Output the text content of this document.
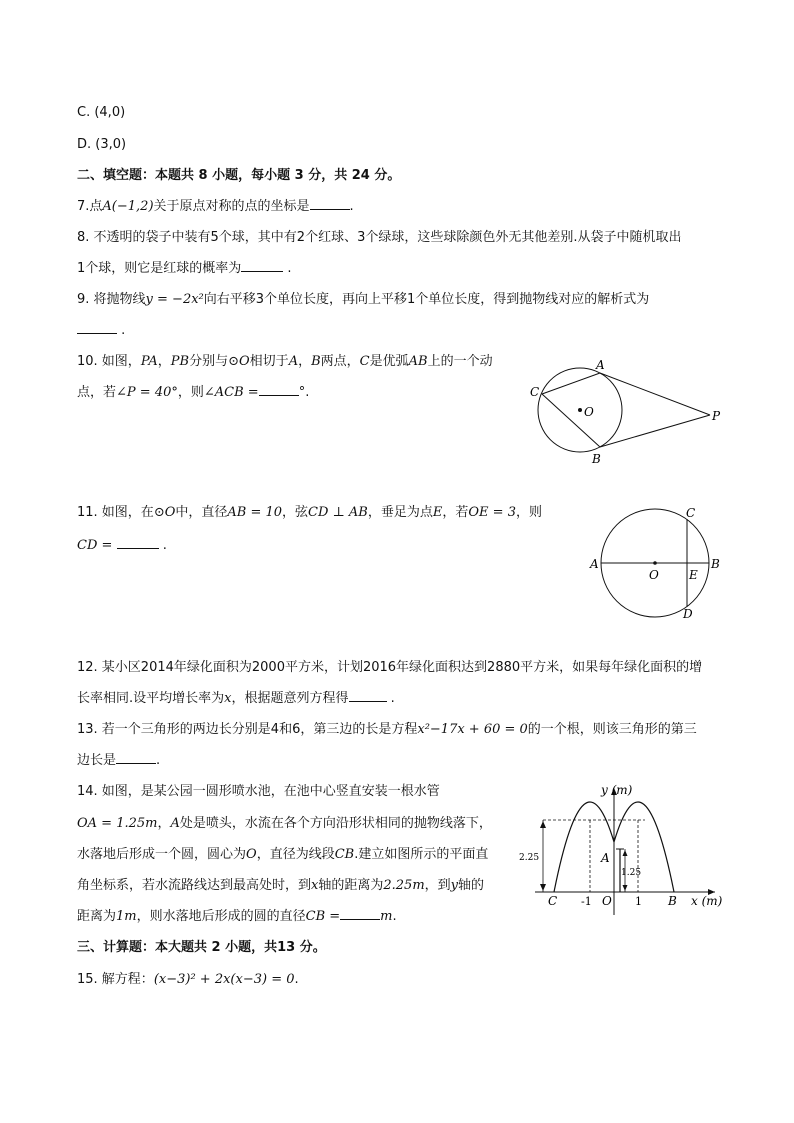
C. (4,0)
D. (3,0)
二、填空题：本题共 8 小题，每小题 3 分，共 24 分。
7.点A(−1,2)关于原点对称的点的坐标是	.
8. 不透明的袋子中装有5个球，其中有2个红球、3个绿球，这些球除颜色外无其他差别.从袋子中随机取出
1个球，则它是红球的概率为	.
9. 将抛物线y = −2x²向右平移3个单位长度，再向上平移1个单位长度，得到抛物线对应的解析式为
.
10. 如图，PA，PB分别与⊙O相切于A，B两点，C是优弧AB上的一个动
点，若∠P = 40°，则∠ACB =	°.
A
B
C
O	P
11. 如图，在⊙O中，直径AB = 10，弦CD ⊥ AB，垂足为点E，若OE = 3，则
CD =	.
A	B
C
D
O	E
12. 某小区2014年绿化面积为2000平方米，计划2016年绿化面积达到2880平方米，如果每年绿化面积的增
长率相同.设平均增长率为x，根据题意列方程得	.
13. 若一个三角形的两边长分别是4和6，第三边的长是方程x²−17x + 60 = 0的一个根，则该三角形的第三
边长是	.
14. 如图，是某公园一圆形喷水池，在池中心竖直安装一根水管
OA = 1.25m，A处是喷头，水流在各个方向沿形状相同的抛物线落下，
水落地后形成一个圆，圆心为O，直径为线段CB.建立如图所示的平面直
角坐标系，若水流路线达到最高处时，到x轴的距离为2.25m，到y轴的
距离为1m，则水落地后形成的圆的直径CB =	m.
y (m)
x (m)
C	B
A
O
-1	1
2.25
1.25
三、计算题：本大题共 2 小题，共13 分。
15. 解方程：(x−3)² + 2x(x−3) = 0.
